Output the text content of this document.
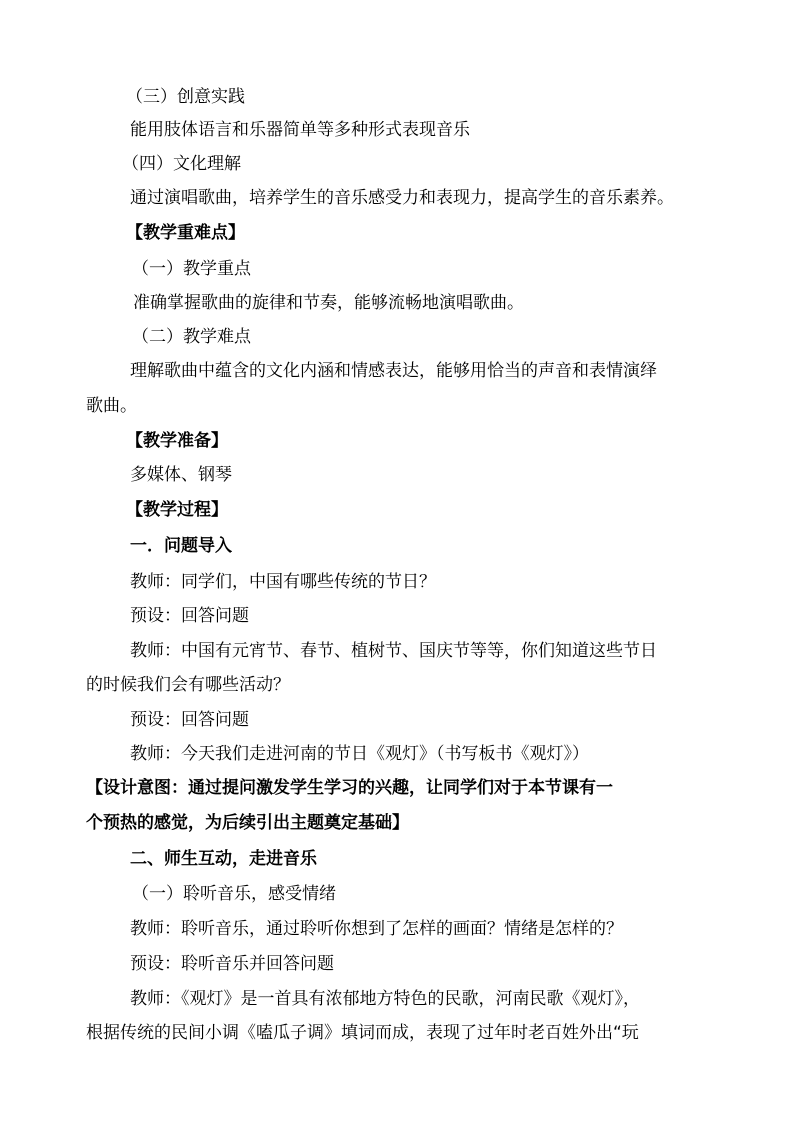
（三）创意实践
能用肢体语言和乐器简单等多种形式表现音乐
（四）文化理解
通过演唱歌曲，培养学生的音乐感受力和表现力，提高学生的音乐素养。
【教学重难点】
（一）教学重点
准确掌握歌曲的旋律和节奏，能够流畅地演唱歌曲。
（二）教学难点
理解歌曲中蕴含的文化内涵和情感表达，能够用恰当的声音和表情演绎
歌曲。
【教学准备】
多媒体、钢琴
【教学过程】
一．问题导入
教师：同学们，中国有哪些传统的节日？
预设：回答问题
教师：中国有元宵节、春节、植树节、国庆节等等，你们知道这些节日
的时候我们会有哪些活动？
预设：回答问题
教师：今天我们走进河南的节日《观灯》（书写板书《观灯》）
【设计意图：通过提问激发学生学习的兴趣，让同学们对于本节课有一
个预热的感觉，为后续引出主题奠定基础】
二、师生互动，走进音乐
（一）聆听音乐，感受情绪
教师：聆听音乐，通过聆听你想到了怎样的画面？情绪是怎样的？
预设：聆听音乐并回答问题
教师：《观灯》是一首具有浓郁地方特色的民歌，河南民歌《观灯》，
根据传统的民间小调《嗑瓜子调》填词而成，表现了过年时老百姓外出“玩
